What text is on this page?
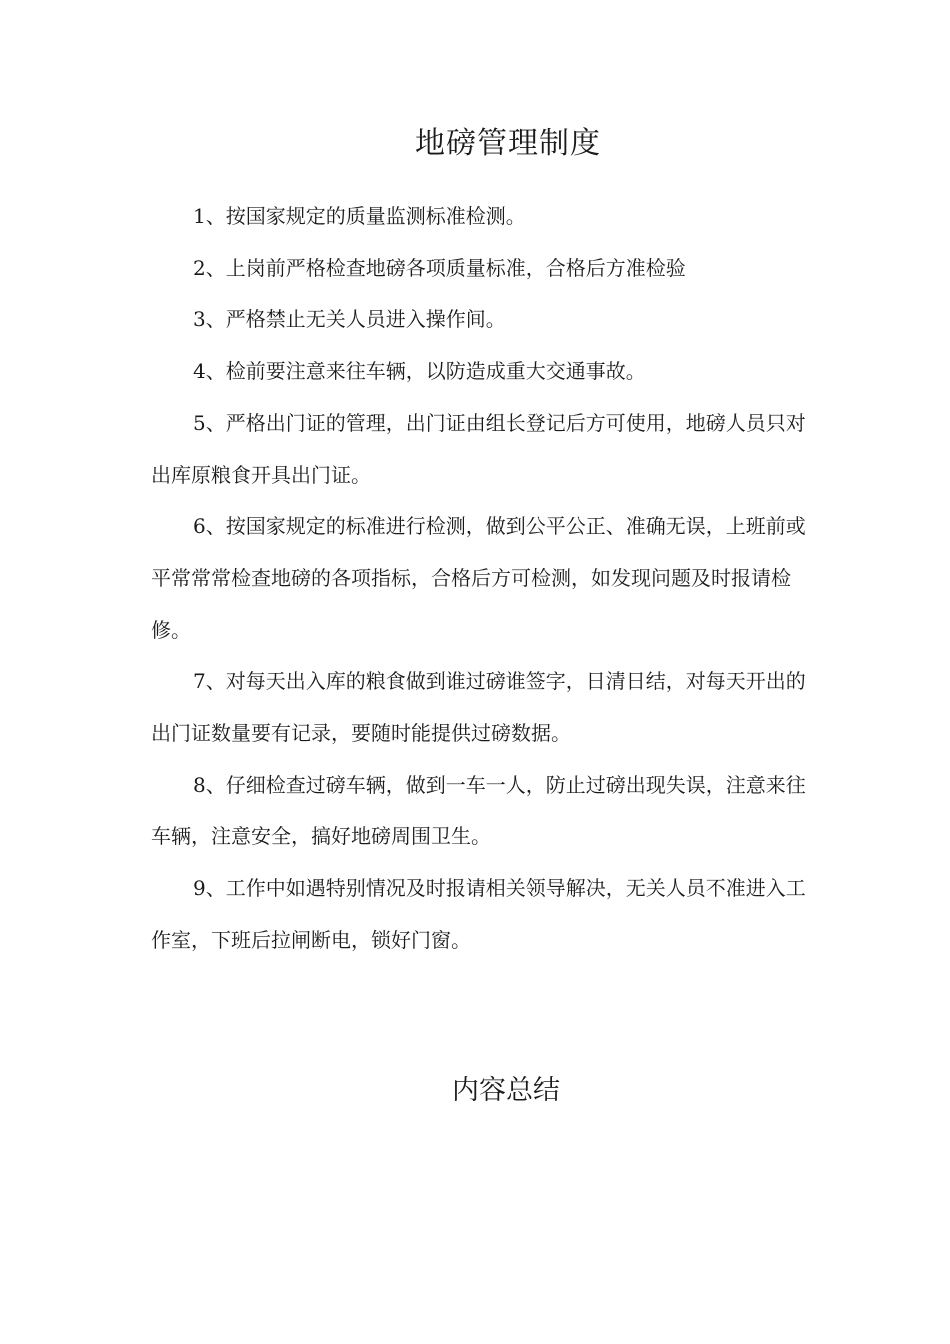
地磅管理制度

1、按国家规定的质量监测标准检测。

2、上岗前严格检查地磅各项质量标准，合格后方准检验

3、严格禁止无关人员进入操作间。

4、检前要注意来往车辆，以防造成重大交通事故。

5、严格出门证的管理，出门证由组长登记后方可使用，地磅人员只对出库原粮食开具出门证。

6、按国家规定的标准进行检测，做到公平公正、准确无误，上班前或平常常常检查地磅的各项指标，合格后方可检测，如发现问题及时报请检修。

7、对每天出入库的粮食做到谁过磅谁签字，日清日结，对每天开出的出门证数量要有记录，要随时能提供过磅数据。

8、仔细检查过磅车辆，做到一车一人，防止过磅出现失误，注意来往车辆，注意安全，搞好地磅周围卫生。

9、工作中如遇特别情况及时报请相关领导解决，无关人员不准进入工作室，下班后拉闸断电，锁好门窗。

内容总结
